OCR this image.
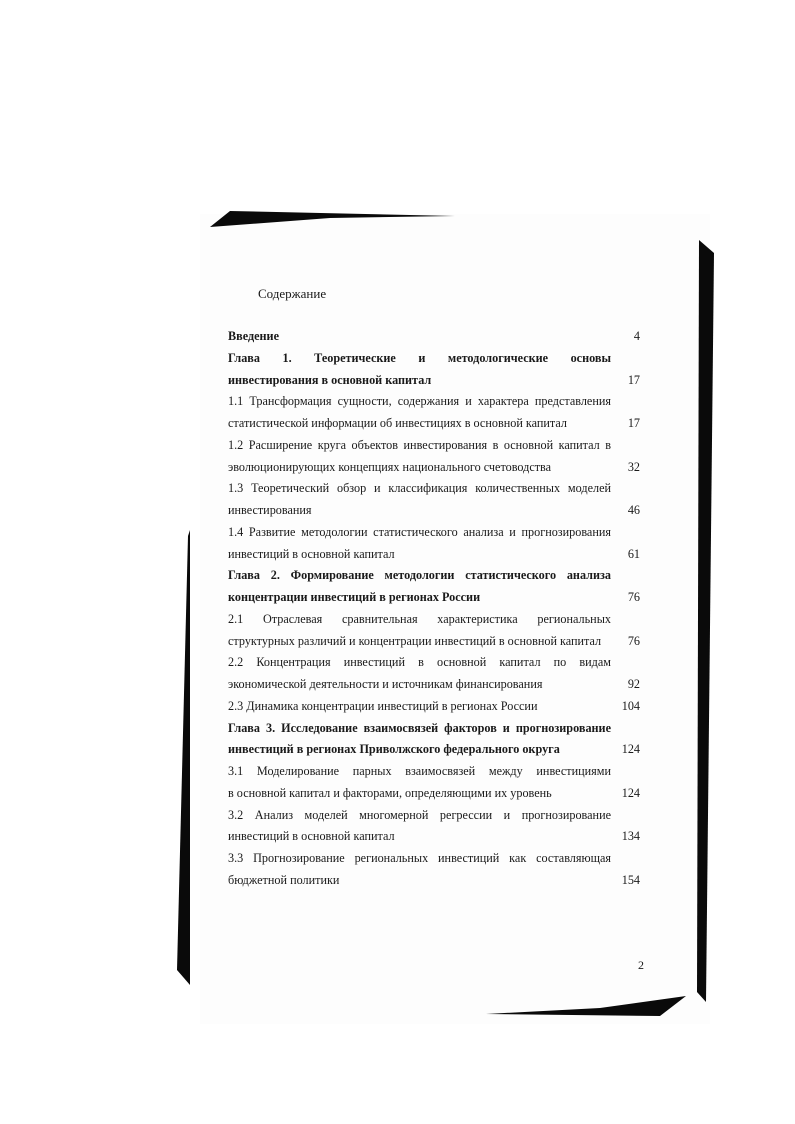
Содержание
Введение	4
Глава 1. Теоретические и методологические основы
инвестирования в основной капитал	17
1.1 Трансформация сущности, содержания и характера представления
статистической информации об инвестициях в основной капитал	17
1.2 Расширение круга объектов инвестирования в основной капитал в
эволюционирующих концепциях национального счетоводства	32
1.3 Теоретический обзор и классификация количественных моделей
инвестирования	46
1.4 Развитие методологии статистического анализа и прогнозирования
инвестиций в основной капитал	61
Глава 2. Формирование методологии статистического анализа
концентрации инвестиций в регионах России	76
2.1 Отраслевая сравнительная характеристика региональных
структурных различий и концентрации инвестиций в основной капитал	76
2.2 Концентрация инвестиций в основной капитал по видам
экономической деятельности и источникам финансирования	92
2.3 Динамика концентрации инвестиций в регионах России	104
Глава 3. Исследование взаимосвязей факторов и прогнозирование
инвестиций в регионах Приволжского федерального округа	124
3.1 Моделирование парных взаимосвязей между инвестициями
в основной капитал и факторами, определяющими их уровень	124
3.2 Анализ моделей многомерной регрессии и прогнозирование
инвестиций в основной капитал	134
3.3 Прогнозирование региональных инвестиций как составляющая
бюджетной политики	154
2
